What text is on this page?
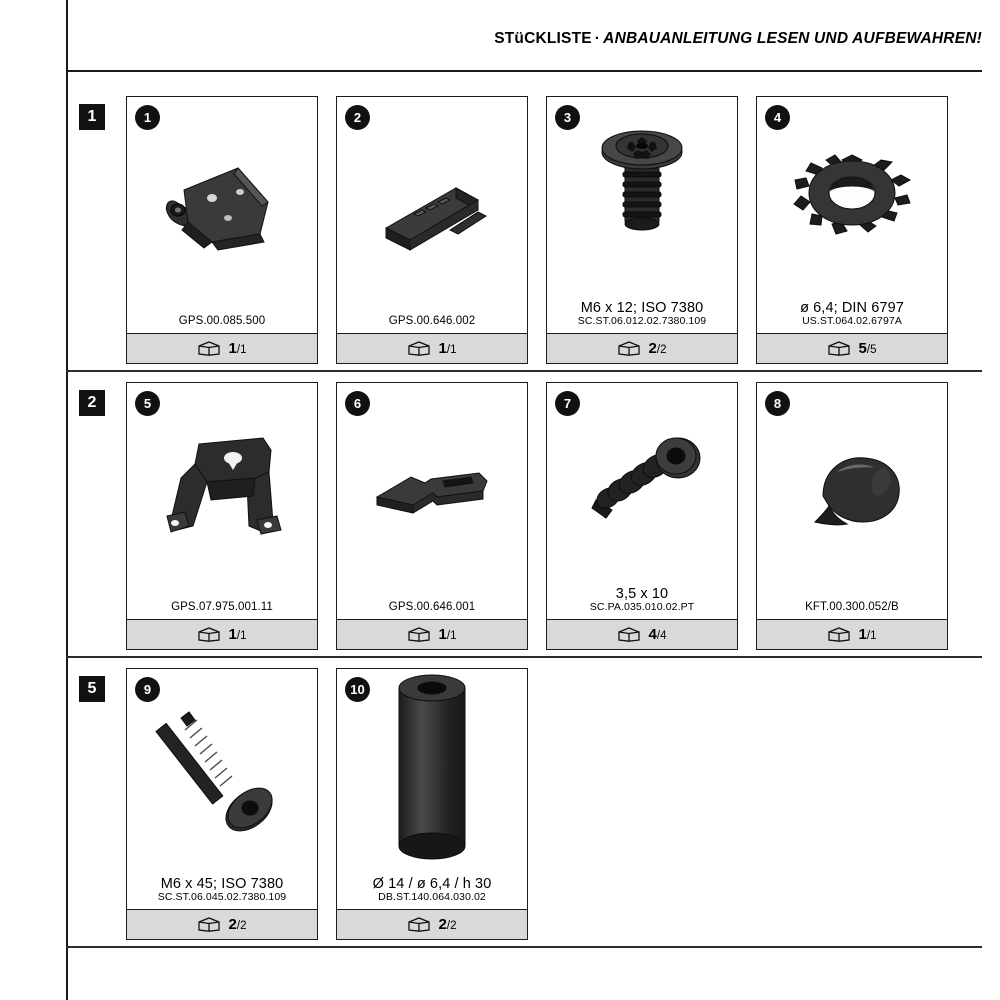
STüCKLISTE · ANBAUANLEITUNG LESEN UND AUFBEWAHREN!
1	1
GPS.00.085.500
1/1
2
GPS.00.646.002
1/1
3
M6 x 12; ISO 7380
SC.ST.06.012.02.7380.109
2/2
4
ø 6,4; DIN 6797
US.ST.064.02.6797A
5/5
2	5
GPS.07.975.001.11
1/1
6
GPS.00.646.001
1/1
7
3,5 x 10
SC.PA.035.010.02.PT
4/4
8
KFT.00.300.052/B
1/1
5	9
M6 x 45; ISO 7380
SC.ST.06.045.02.7380.109
2/2
10
Ø 14 / ø 6,4 / h 30
DB.ST.140.064.030.02
2/2
